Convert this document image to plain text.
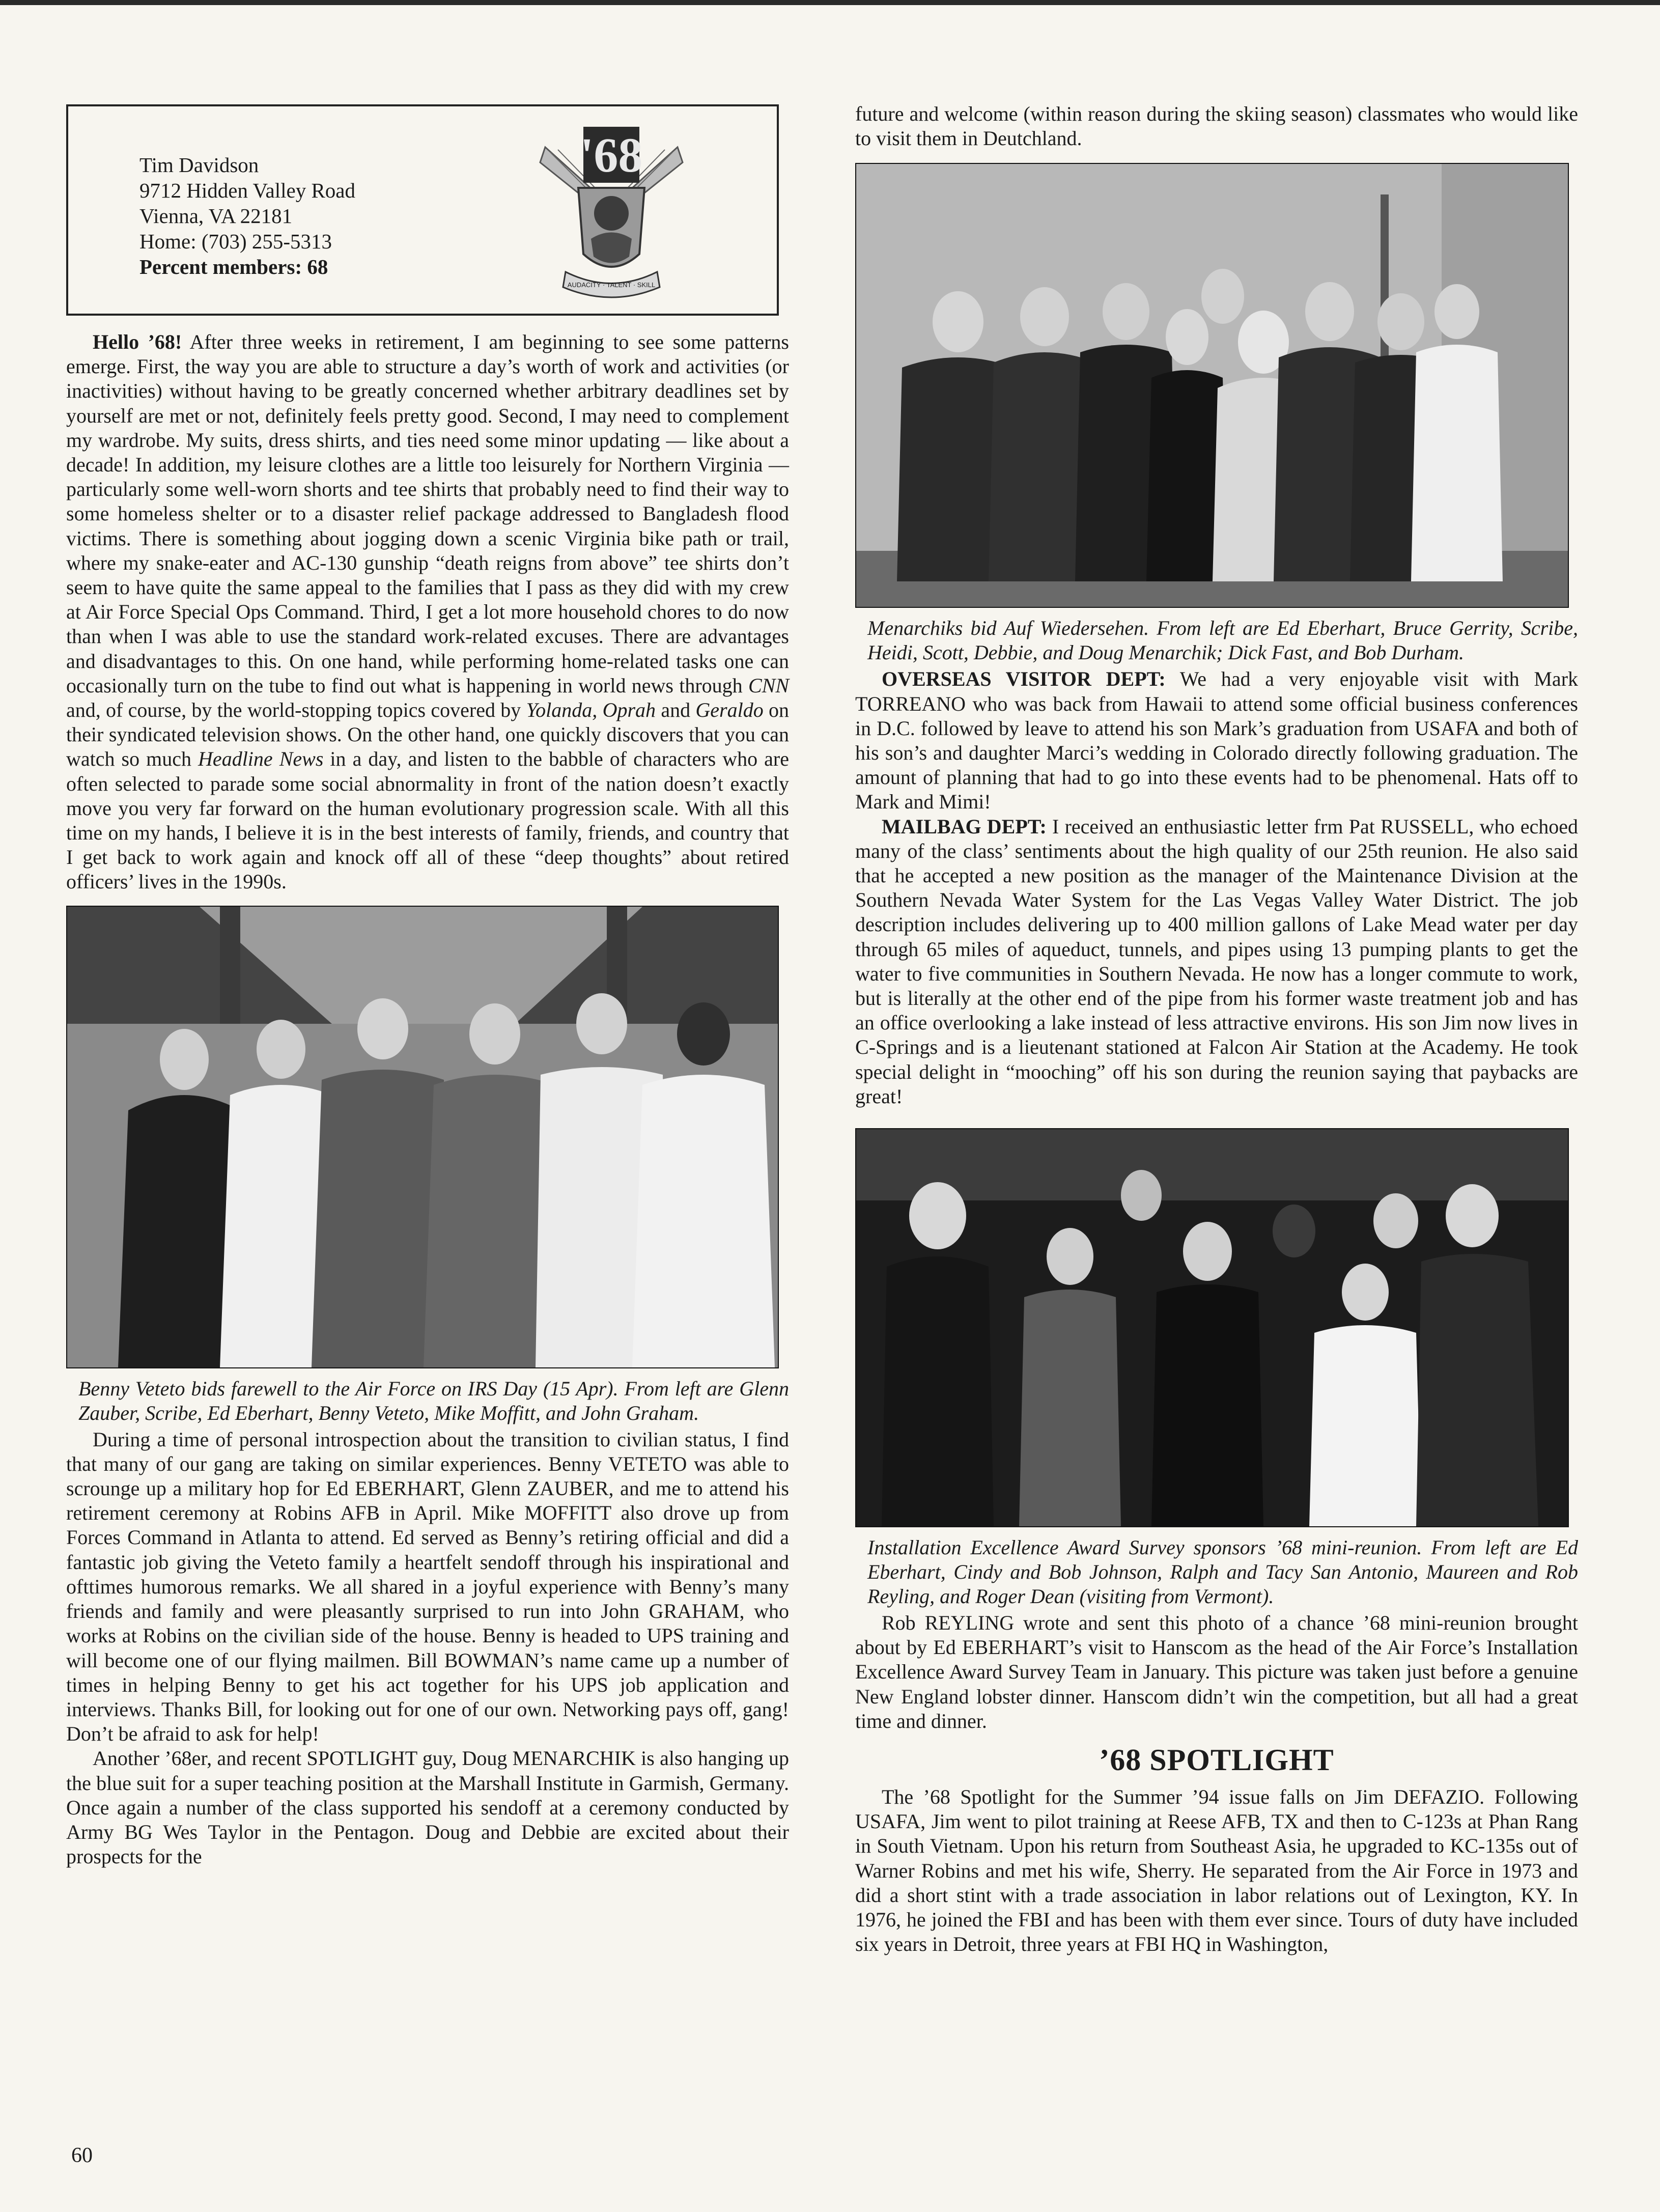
Tim Davidson
9712 Hidden Valley Road
Vienna, VA 22181
Home: (703) 255-5313
Percent members: 68
'68
AUDACITY · TALENT · SKILL

Hello ’68! After three weeks in retirement, I am beginning to see some patterns emerge. First, the way you are able to structure a day’s worth of work and activities (or inactivities) without having to be greatly concerned whether arbitrary deadlines set by yourself are met or not, definitely feels pretty good. Second, I may need to complement my wardrobe. My suits, dress shirts, and ties need some minor updating — like about a decade! In addition, my leisure clothes are a little too leisurely for Northern Virginia — particularly some well-worn shorts and tee shirts that probably need to find their way to some homeless shelter or to a disaster relief package addressed to Bangladesh flood victims. There is something about jogging down a scenic Virginia bike path or trail, where my snake-eater and AC-130 gunship “death reigns from above” tee shirts don’t seem to have quite the same appeal to the families that I pass as they did with my crew at Air Force Special Ops Command. Third, I get a lot more household chores to do now than when I was able to use the standard work-related excuses. There are advantages and disadvantages to this. On one hand, while performing home-related tasks one can occasionally turn on the tube to find out what is happening in world news through CNN and, of course, by the world-stopping topics covered by Yolanda, Oprah and Geraldo on their syndicated television shows. On the other hand, one quickly discovers that you can watch so much Headline News in a day, and listen to the babble of characters who are often selected to parade some social abnormality in front of the nation doesn’t exactly move you very far forward on the human evolutionary progression scale. With all this time on my hands, I believe it is in the best interests of family, friends, and country that I get back to work again and knock off all of these “deep thoughts” about retired officers’ lives in the 1990s.

Benny Veteto bids farewell to the Air Force on IRS Day (15 Apr). From left are Glenn Zauber, Scribe, Ed Eberhart, Benny Veteto, Mike Moffitt, and John Graham.

During a time of personal introspection about the transition to civilian status, I find that many of our gang are taking on similar experiences. Benny VETETO was able to scrounge up a military hop for Ed EBERHART, Glenn ZAUBER, and me to attend his retirement ceremony at Robins AFB in April. Mike MOFFITT also drove up from Forces Command in Atlanta to attend. Ed served as Benny’s retiring official and did a fantastic job giving the Veteto family a heartfelt sendoff through his inspirational and ofttimes humorous remarks. We all shared in a joyful experience with Benny’s many friends and family and were pleasantly surprised to run into John GRAHAM, who works at Robins on the civilian side of the house. Benny is headed to UPS training and will become one of our flying mailmen. Bill BOWMAN’s name came up a number of times in helping Benny to get his act together for his UPS job application and interviews. Thanks Bill, for looking out for one of our own. Networking pays off, gang! Don’t be afraid to ask for help!

Another ’68er, and recent SPOTLIGHT guy, Doug MENARCHIK is also hanging up the blue suit for a super teaching position at the Marshall Institute in Garmish, Germany. Once again a number of the class supported his sendoff at a ceremony conducted by Army BG Wes Taylor in the Pentagon. Doug and Debbie are excited about their prospects for the

future and welcome (within reason during the skiing season) classmates who would like to visit them in Deutchland.

Menarchiks bid Auf Wiedersehen. From left are Ed Eberhart, Bruce Gerrity, Scribe, Heidi, Scott, Debbie, and Doug Menarchik; Dick Fast, and Bob Durham.

OVERSEAS VISITOR DEPT: We had a very enjoyable visit with Mark TORREANO who was back from Hawaii to attend some official business conferences in D.C. followed by leave to attend his son Mark’s graduation from USAFA and both of his son’s and daughter Marci’s wedding in Colorado directly following graduation. The amount of planning that had to go into these events had to be phenomenal. Hats off to Mark and Mimi!

MAILBAG DEPT: I received an enthusiastic letter frm Pat RUSSELL, who echoed many of the class’ sentiments about the high quality of our 25th reunion. He also said that he accepted a new position as the manager of the Maintenance Division at the Southern Nevada Water System for the Las Vegas Valley Water District. The job description includes delivering up to 400 million gallons of Lake Mead water per day through 65 miles of aqueduct, tunnels, and pipes using 13 pumping plants to get the water to five communities in Southern Nevada. He now has a longer commute to work, but is literally at the other end of the pipe from his former waste treatment job and has an office overlooking a lake instead of less attractive environs. His son Jim now lives in C-Springs and is a lieutenant stationed at Falcon Air Station at the Academy. He took special delight in “mooching” off his son during the reunion saying that paybacks are great!

Installation Excellence Award Survey sponsors ’68 mini-reunion. From left are Ed Eberhart, Cindy and Bob Johnson, Ralph and Tacy San Antonio, Maureen and Rob Reyling, and Roger Dean (visiting from Vermont).

Rob REYLING wrote and sent this photo of a chance ’68 mini-reunion brought about by Ed EBERHART’s visit to Hanscom as the head of the Air Force’s Installation Excellence Award Survey Team in January. This picture was taken just before a genuine New England lobster dinner. Hanscom didn’t win the competition, but all had a great time and dinner.

’68 SPOTLIGHT

The ’68 Spotlight for the Summer ’94 issue falls on Jim DEFAZIO. Following USAFA, Jim went to pilot training at Reese AFB, TX and then to C-123s at Phan Rang in South Vietnam. Upon his return from Southeast Asia, he upgraded to KC-135s out of Warner Robins and met his wife, Sherry. He separated from the Air Force in 1973 and did a short stint with a trade association in labor relations out of Lexington, KY. In 1976, he joined the FBI and has been with them ever since. Tours of duty have included six years in Detroit, three years at FBI HQ in Washington,

60
